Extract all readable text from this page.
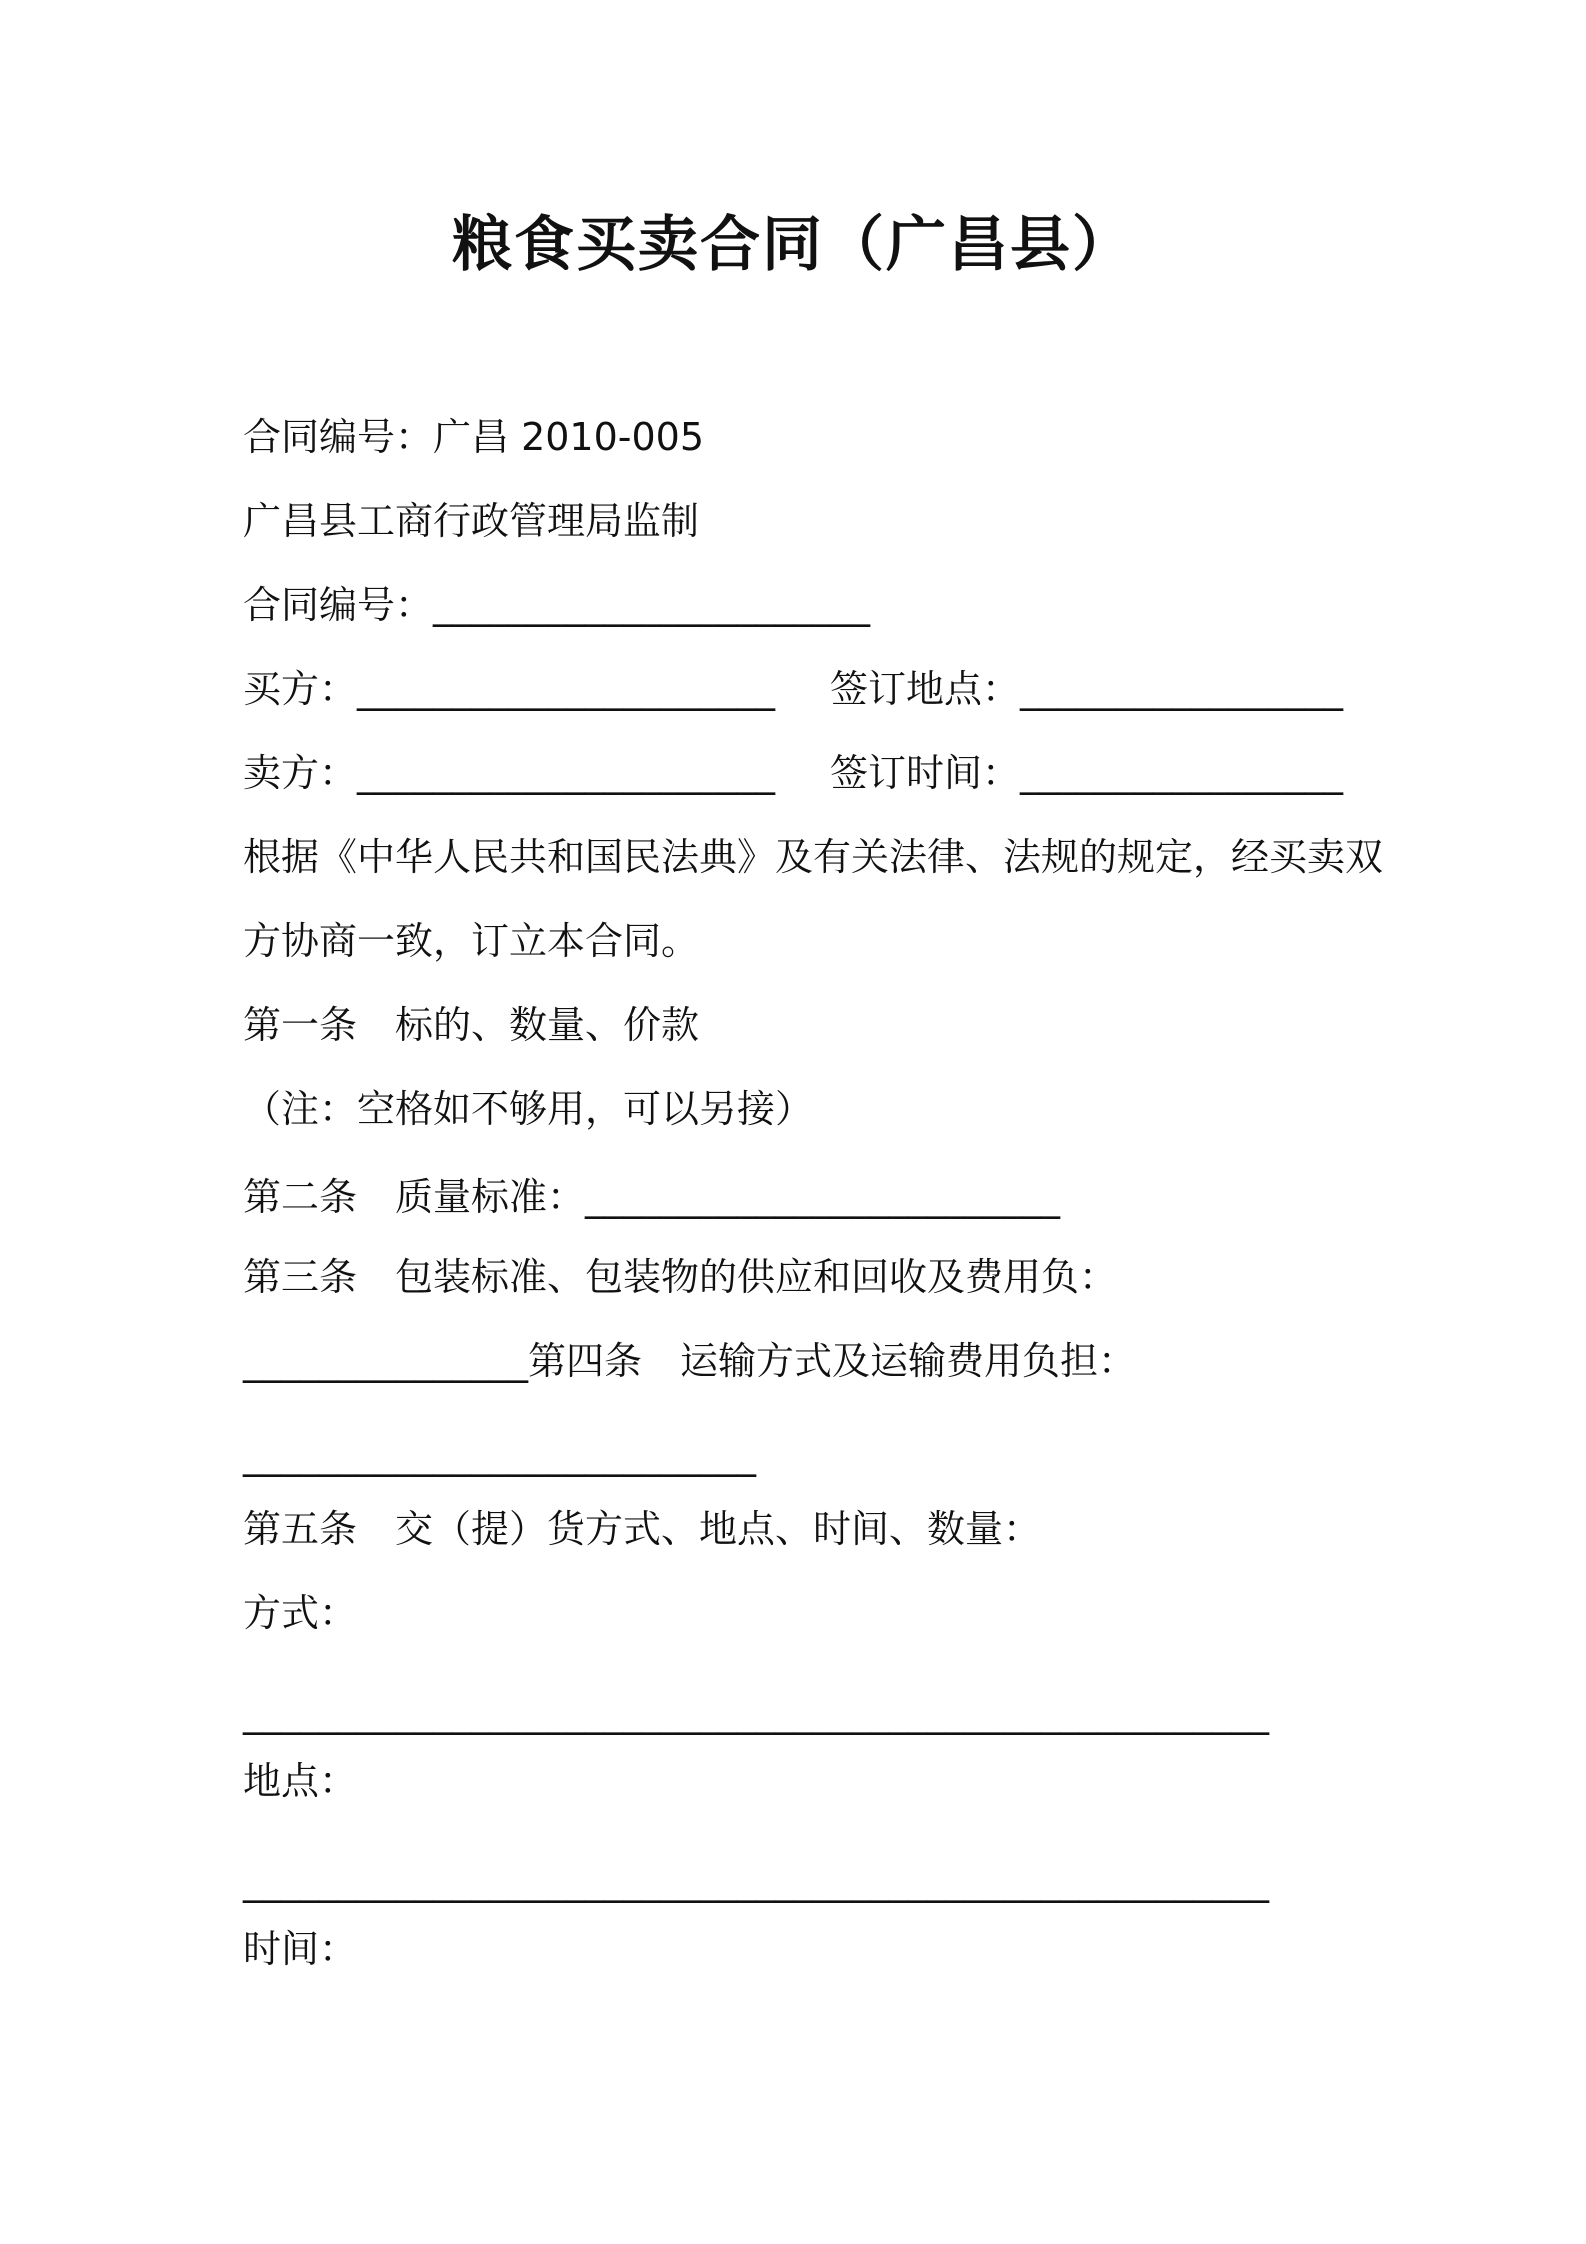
粮食买卖合同（广昌县）
合同编号：广昌 2010-005
广昌县工商行政管理局监制
合同编号：_______________________
买方：______________________ 签订地点：_________________
卖方：______________________ 签订时间：_________________
根据《中华人民共和国民法典》及有关法律、法规的规定，经买卖双
方协商一致，订立本合同。
第一条　标的、数量、价款
（注：空格如不够用，可以另接）
第二条　质量标准：_________________________
第三条　包装标准、包装物的供应和回收及费用负：
_______________第四条　运输方式及运输费用负担：
___________________________
第五条　交（提）货方式、地点、时间、数量：
方式：
______________________________________________________
地点：
______________________________________________________
时间：
